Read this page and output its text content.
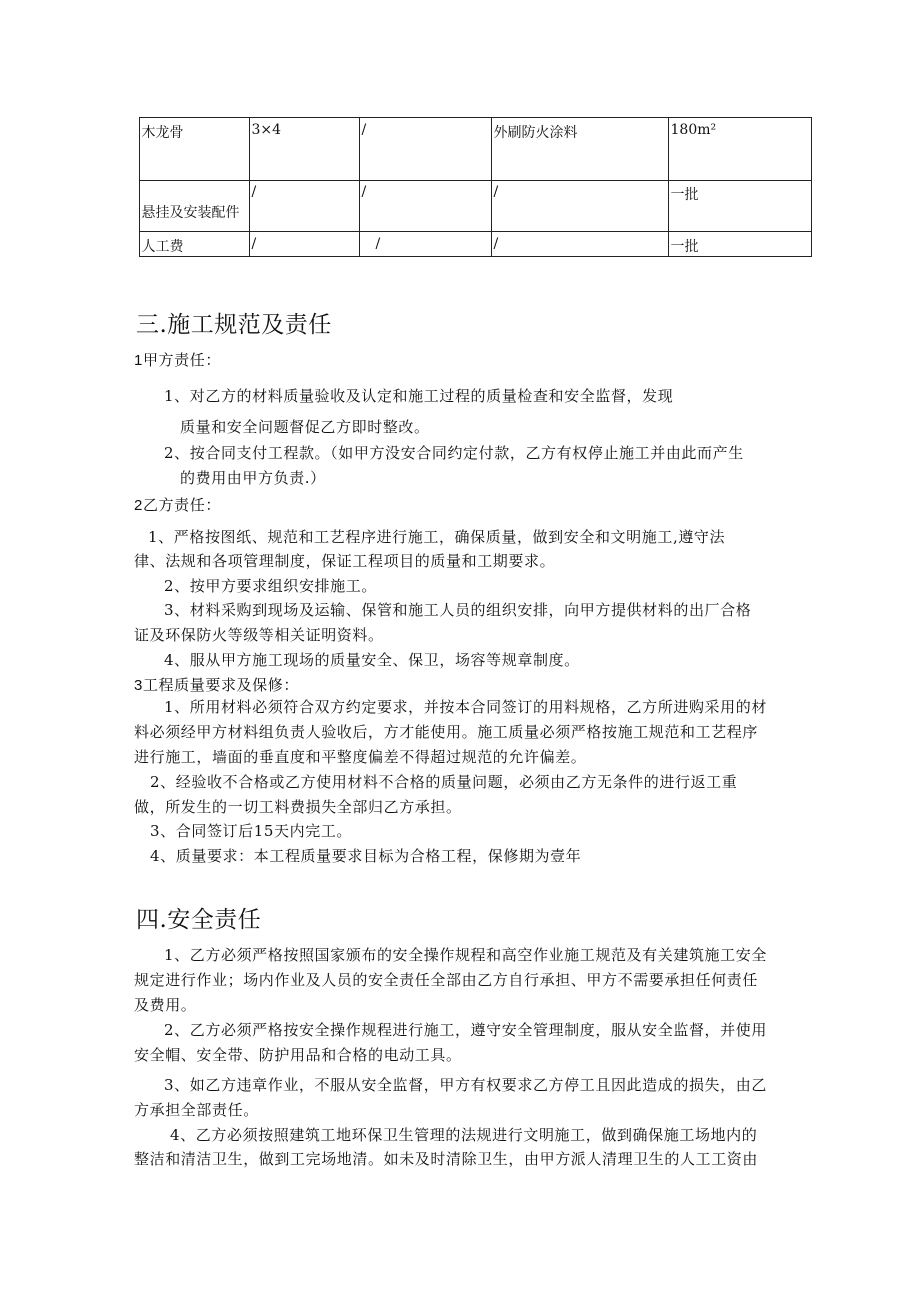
木龙骨	3×4	/	外刷防火涂料	180m²

悬挂及安装配件	/	/	/	一批

人工费	/	/	/	一批
三.施工规范及责任
1甲方责任：
1、对乙方的材料质量验收及认定和施工过程的质量检查和安全监督，发现
质量和安全问题督促乙方即时整改。
2、按合同支付工程款。（如甲方没安合同约定付款，乙方有权停止施工并由此而产生
的费用由甲方负责.）
2乙方责任：
1、严格按图纸、规范和工艺程序进行施工，确保质量，做到安全和文明施工,遵守法
律、法规和各项管理制度，保证工程项目的质量和工期要求。
2、按甲方要求组织安排施工。
3、材料采购到现场及运输、保管和施工人员的组织安排，向甲方提供材料的出厂合格
证及环保防火等级等相关证明资料。
4、服从甲方施工现场的质量安全、保卫，场容等规章制度。
3工程质量要求及保修：
1、所用材料必须符合双方约定要求，并按本合同签订的用料规格，乙方所进购采用的材
料必须经甲方材料组负责人验收后，方才能使用。施工质量必须严格按施工规范和工艺程序
进行施工，墙面的垂直度和平整度偏差不得超过规范的允许偏差。
2、经验收不合格或乙方使用材料不合格的质量问题，必须由乙方无条件的进行返工重
做，所发生的一切工料费损失全部归乙方承担。
3、合同签订后15天内完工。
4、质量要求：本工程质量要求目标为合格工程，保修期为壹年
四.安全责任
1、乙方必须严格按照国家颁布的安全操作规程和高空作业施工规范及有关建筑施工安全
规定进行作业；场内作业及人员的安全责任全部由乙方自行承担、甲方不需要承担任何责任
及费用。
2、乙方必须严格按安全操作规程进行施工，遵守安全管理制度，服从安全监督，并使用
安全帽、安全带、防护用品和合格的电动工具。
3、如乙方违章作业，不服从安全监督，甲方有权要求乙方停工且因此造成的损失，由乙
方承担全部责任。
4、乙方必须按照建筑工地环保卫生管理的法规进行文明施工，做到确保施工场地内的
整洁和清洁卫生，做到工完场地清。如未及时清除卫生，由甲方派人清理卫生的人工工资由
